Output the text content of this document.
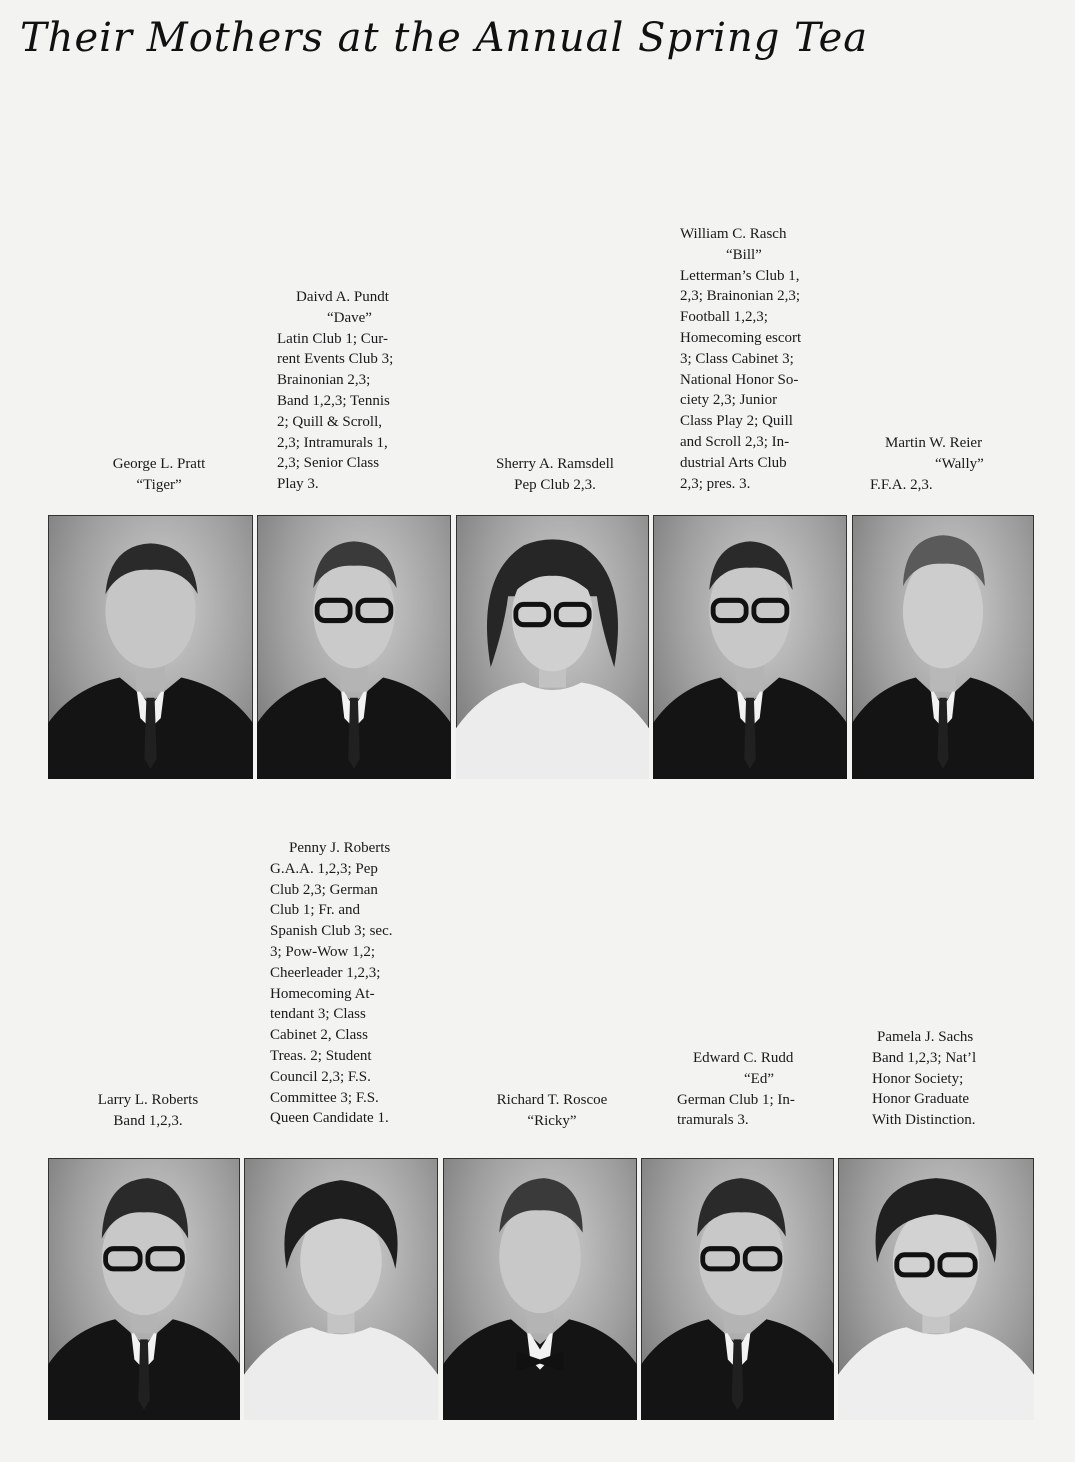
Their Mothers at the Annual Spring Tea
George L. Pratt
“Tiger”
Daivd A. Pundt
“Dave”
Latin Club 1; Cur-
rent Events Club 3;
Brainonian 2,3;
Band 1,2,3; Tennis
2; Quill & Scroll,
2,3; Intramurals 1,
2,3; Senior Class
Play 3.
Sherry A. Ramsdell
Pep Club 2,3.
William C. Rasch
“Bill”
Letterman’s Club 1,
2,3; Brainonian 2,3;
Football 1,2,3;
Homecoming escort
3; Class Cabinet 3;
National Honor So-
ciety 2,3; Junior
Class Play 2; Quill
and Scroll 2,3; In-
dustrial Arts Club
2,3; pres. 3.
Martin W. Reier
“Wally”
F.F.A. 2,3.
Larry L. Roberts
Band 1,2,3.
Penny J. Roberts
G.A.A. 1,2,3; Pep
Club 2,3; German
Club 1; Fr. and
Spanish Club 3; sec.
3; Pow-Wow 1,2;
Cheerleader 1,2,3;
Homecoming At-
tendant 3; Class
Cabinet 2, Class
Treas. 2; Student
Council 2,3; F.S.
Committee 3; F.S.
Queen Candidate 1.
Richard T. Roscoe
“Ricky”
Edward C. Rudd
“Ed”
German Club 1; In-
tramurals 3.
Pamela J. Sachs
Band 1,2,3; Nat’l
Honor Society;
Honor Graduate
With Distinction.
